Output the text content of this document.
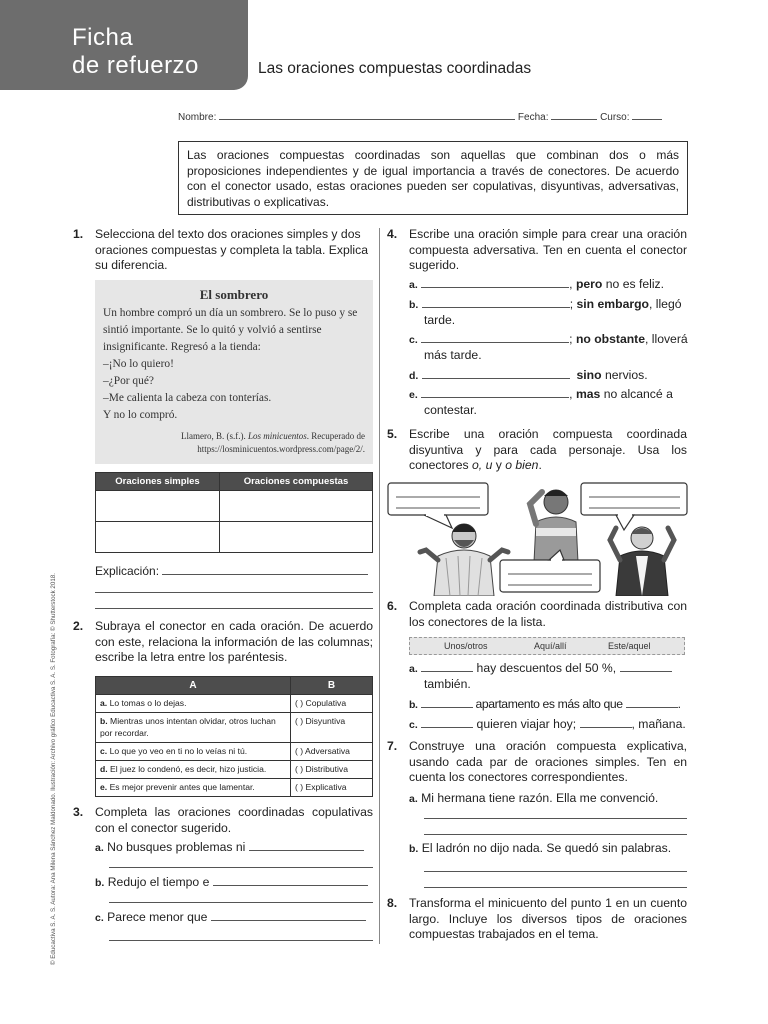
Ficha
de refuerzo	Las oraciones compuestas coordinadas
Nombre:	Fecha:	Curso:
Las oraciones compuestas coordinadas son aquellas que combinan dos o más proposiciones independientes y de igual importancia a través de conectores. De acuerdo con el conector usado, estas oraciones pueden ser copulativas, disyuntivas, adversativas, distributivas o explicativas.
© Educactiva S. A. S. Autora: Ana Milena Sánchez Maldonado. Ilustración: Archivo gráfico Educactiva S. A. S. Fotografía: © Shutterstock 2018.
1. Selecciona del texto dos oraciones simples y dos oraciones compuestas y completa la tabla. Explica su diferencia.
El sombrero
Un hombre compró un día un sombrero. Se lo puso y se sintió importante. Se lo quitó y volvió a sentirse insignificante. Regresó a la tienda:
–¡No lo quiero!
–¿Por qué?
–Me calienta la cabeza con tonterías.
Y no lo compró.
Llamero, B. (s.f.). Los minicuentos. Recuperado de https://losminicuentos.wordpress.com/page/2/.
Oraciones simples	Oraciones compuestas

Explicación:
2. Subraya el conector en cada oración. De acuerdo con este, relaciona la información de las columnas; escribe la letra entre los paréntesis.
A	B
a. Lo tomas o lo dejas.	( ) Copulativa
b. Mientras unos intentan olvidar, otros luchan por recordar.	( ) Disyuntiva
c. Lo que yo veo en ti no lo veías ni tú.	( ) Adversativa
d. El juez lo condenó, es decir, hizo justicia.	( ) Distributiva
e. Es mejor prevenir antes que lamentar.	( ) Explicativa
3. Completa las oraciones coordinadas copulativas con el conector sugerido.
a. No busques problemas ni
b. Redujo el tiempo e
c. Parece menor que
4. Escribe una oración simple para crear una oración compuesta adversativa. Ten en cuenta el conector sugerido.
a.	, pero no es feliz.
b.	; sin embargo, llegó
tarde.
c.	; no obstante, lloverá
más tarde.
d.	sino nervios.
e.	, mas no alcancé a
contestar.
5. Escribe una oración compuesta coordinada disyuntiva y para cada personaje. Usa los conectores o, u y o bien.
6. Completa cada oración coordinada distributiva con los conectores de la lista.
Unos/otros	Aquí/allí	Este/aquel
a.	hay descuentos del 50 %,
también.
b.	apartamento es más alto que	.
c.	quieren viajar hoy;	, mañana.
7. Construye una oración compuesta explicativa, usando cada par de oraciones simples. Ten en cuenta los conectores correspondientes.
a. Mi hermana tiene razón. Ella me convenció.
b. El ladrón no dijo nada. Se quedó sin palabras.
8. Transforma el minicuento del punto 1 en un cuento largo. Incluye los diversos tipos de oraciones compuestas trabajados en el tema.
